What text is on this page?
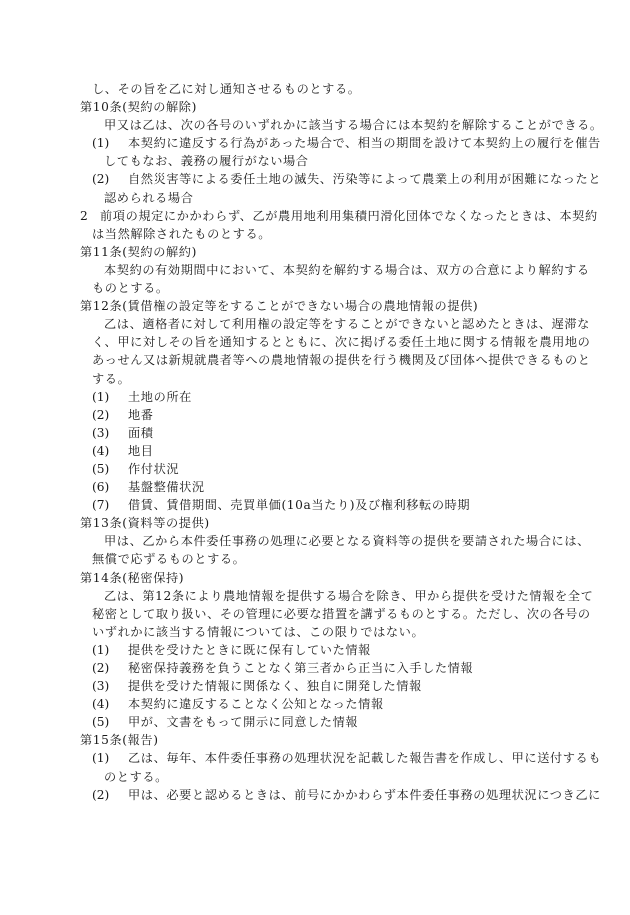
し、その旨を乙に対し通知させるものとする。
第10条(契約の解除)
甲又は乙は、次の各号のいずれかに該当する場合には本契約を解除することができる。
(1) 本契約に違反する行為があった場合で、相当の期間を設けて本契約上の履行を催告
してもなお、義務の履行がない場合
(2) 自然災害等による委任土地の滅失、汚染等によって農業上の利用が困難になったと
認められる場合
2 前項の規定にかかわらず、乙が農用地利用集積円滑化団体でなくなったときは、本契約
は当然解除されたものとする。
第11条(契約の解約)
本契約の有効期間中において、本契約を解約する場合は、双方の合意により解約する
ものとする。
第12条(賃借権の設定等をすることができない場合の農地情報の提供)
乙は、適格者に対して利用権の設定等をすることができないと認めたときは、遅滞な
く、甲に対しその旨を通知するとともに、次に掲げる委任土地に関する情報を農用地の
あっせん又は新規就農者等への農地情報の提供を行う機関及び団体へ提供できるものと
する。
(1) 土地の所在
(2) 地番
(3) 面積
(4) 地目
(5) 作付状況
(6) 基盤整備状況
(7) 借賃、賃借期間、売買単価(10a当たり)及び権利移転の時期
第13条(資料等の提供)
甲は、乙から本件委任事務の処理に必要となる資料等の提供を要請された場合には、
無償で応ずるものとする。
第14条(秘密保持)
乙は、第12条により農地情報を提供する場合を除き、甲から提供を受けた情報を全て
秘密として取り扱い、その管理に必要な措置を講ずるものとする。ただし、次の各号の
いずれかに該当する情報については、この限りではない。
(1) 提供を受けたときに既に保有していた情報
(2) 秘密保持義務を負うことなく第三者から正当に入手した情報
(3) 提供を受けた情報に関係なく、独自に開発した情報
(4) 本契約に違反することなく公知となった情報
(5) 甲が、文書をもって開示に同意した情報
第15条(報告)
(1) 乙は、毎年、本件委任事務の処理状況を記載した報告書を作成し、甲に送付するも
のとする。
(2) 甲は、必要と認めるときは、前号にかかわらず本件委任事務の処理状況につき乙に
